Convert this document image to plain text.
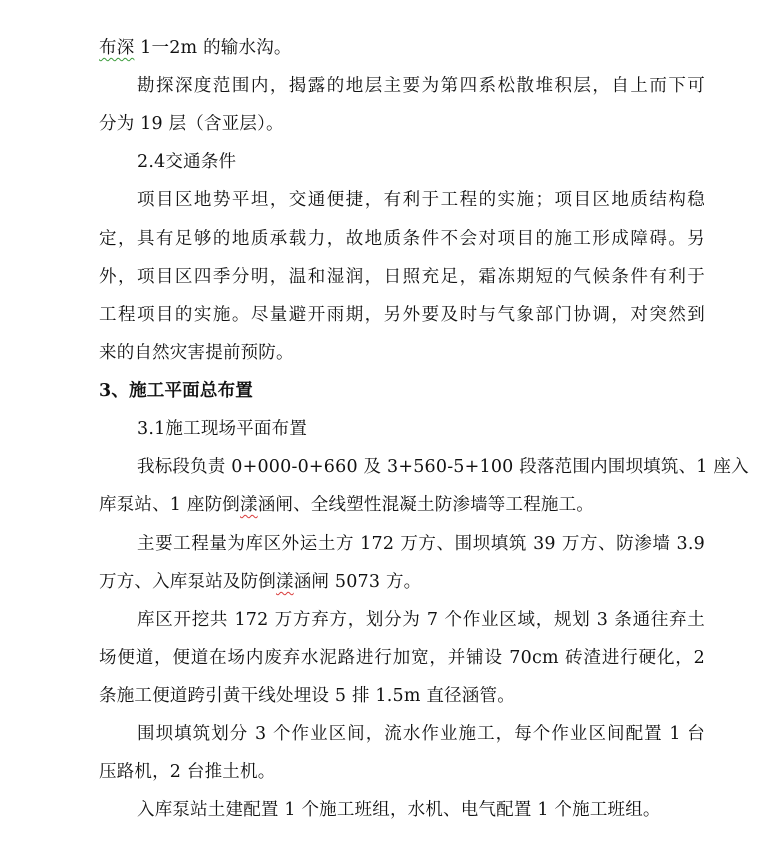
布深 1一2m 的输水沟。
勘探深度范围内，揭露的地层主要为第四系松散堆积层，自上而下可
分为 19 层（含亚层）。
2.4交通条件
项目区地势平坦，交通便捷，有利于工程的实施；项目区地质结构稳
定，具有足够的地质承载力，故地质条件不会对项目的施工形成障碍。另
外，项目区四季分明，温和湿润，日照充足，霜冻期短的气候条件有利于
工程项目的实施。尽量避开雨期，另外要及时与气象部门协调，对突然到
来的自然灾害提前预防。
3、施工平面总布置
3.1施工现场平面布置
我标段负责 0+000-0+660 及 3+560-5+100 段落范围内围坝填筑、1 座入
库泵站、1 座防倒漾涵闸、全线塑性混凝土防渗墙等工程施工。
主要工程量为库区外运土方 172 万方、围坝填筑 39 万方、防渗墙 3.9
万方、入库泵站及防倒漾涵闸 5073 方。
库区开挖共 172 万方弃方，划分为 7 个作业区域，规划 3 条通往弃土
场便道，便道在场内废弃水泥路进行加宽，并铺设 70cm 砖渣进行硬化，2
条施工便道跨引黄干线处埋设 5 排 1.5m 直径涵管。
围坝填筑划分 3 个作业区间，流水作业施工，每个作业区间配置 1 台
压路机，2 台推土机。
入库泵站土建配置 1 个施工班组，水机、电气配置 1 个施工班组。
